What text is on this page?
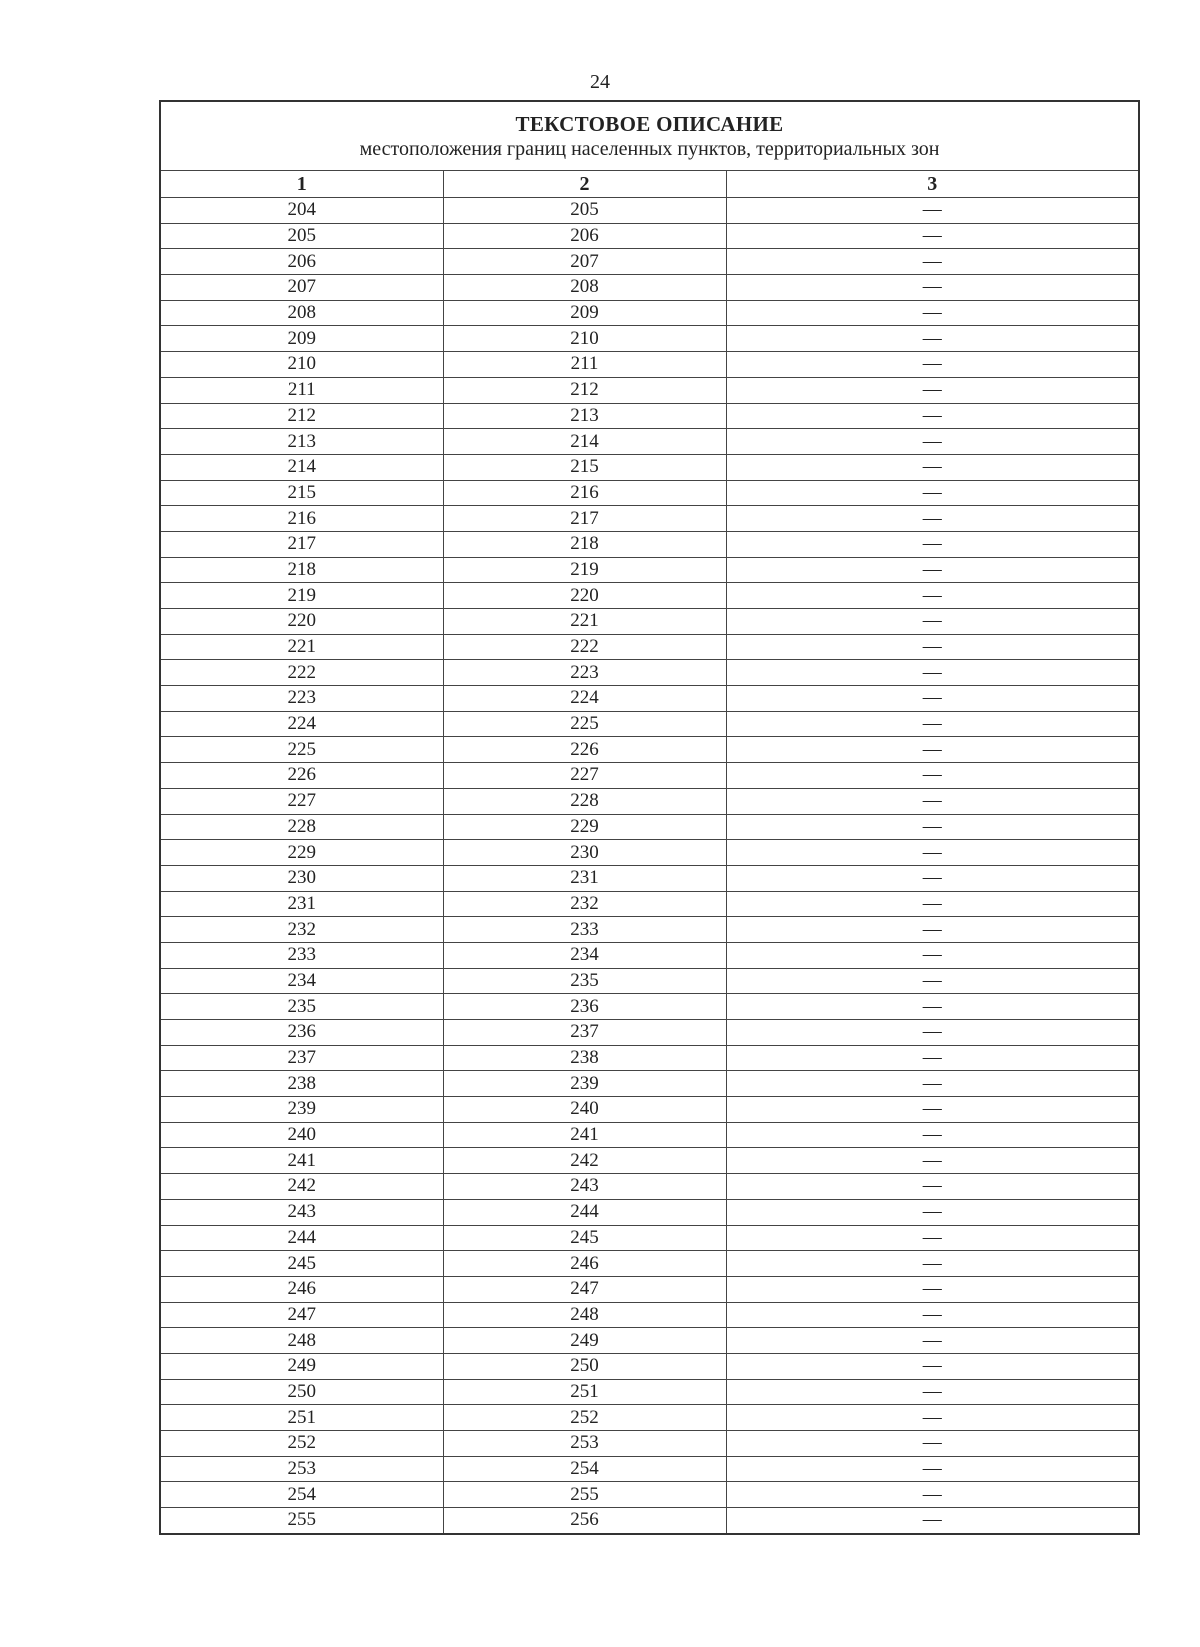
24
ТЕКСТОВОЕ ОПИСАНИЕ
местоположения границ населенных пунктов, территориальных зон		

1	2	3
204	205	—
205	206	—
206	207	—
207	208	—
208	209	—
209	210	—
210	211	—
211	212	—
212	213	—
213	214	—
214	215	—
215	216	—
216	217	—
217	218	—
218	219	—
219	220	—
220	221	—
221	222	—
222	223	—
223	224	—
224	225	—
225	226	—
226	227	—
227	228	—
228	229	—
229	230	—
230	231	—
231	232	—
232	233	—
233	234	—
234	235	—
235	236	—
236	237	—
237	238	—
238	239	—
239	240	—
240	241	—
241	242	—
242	243	—
243	244	—
244	245	—
245	246	—
246	247	—
247	248	—
248	249	—
249	250	—
250	251	—
251	252	—
252	253	—
253	254	—
254	255	—
255	256	—
